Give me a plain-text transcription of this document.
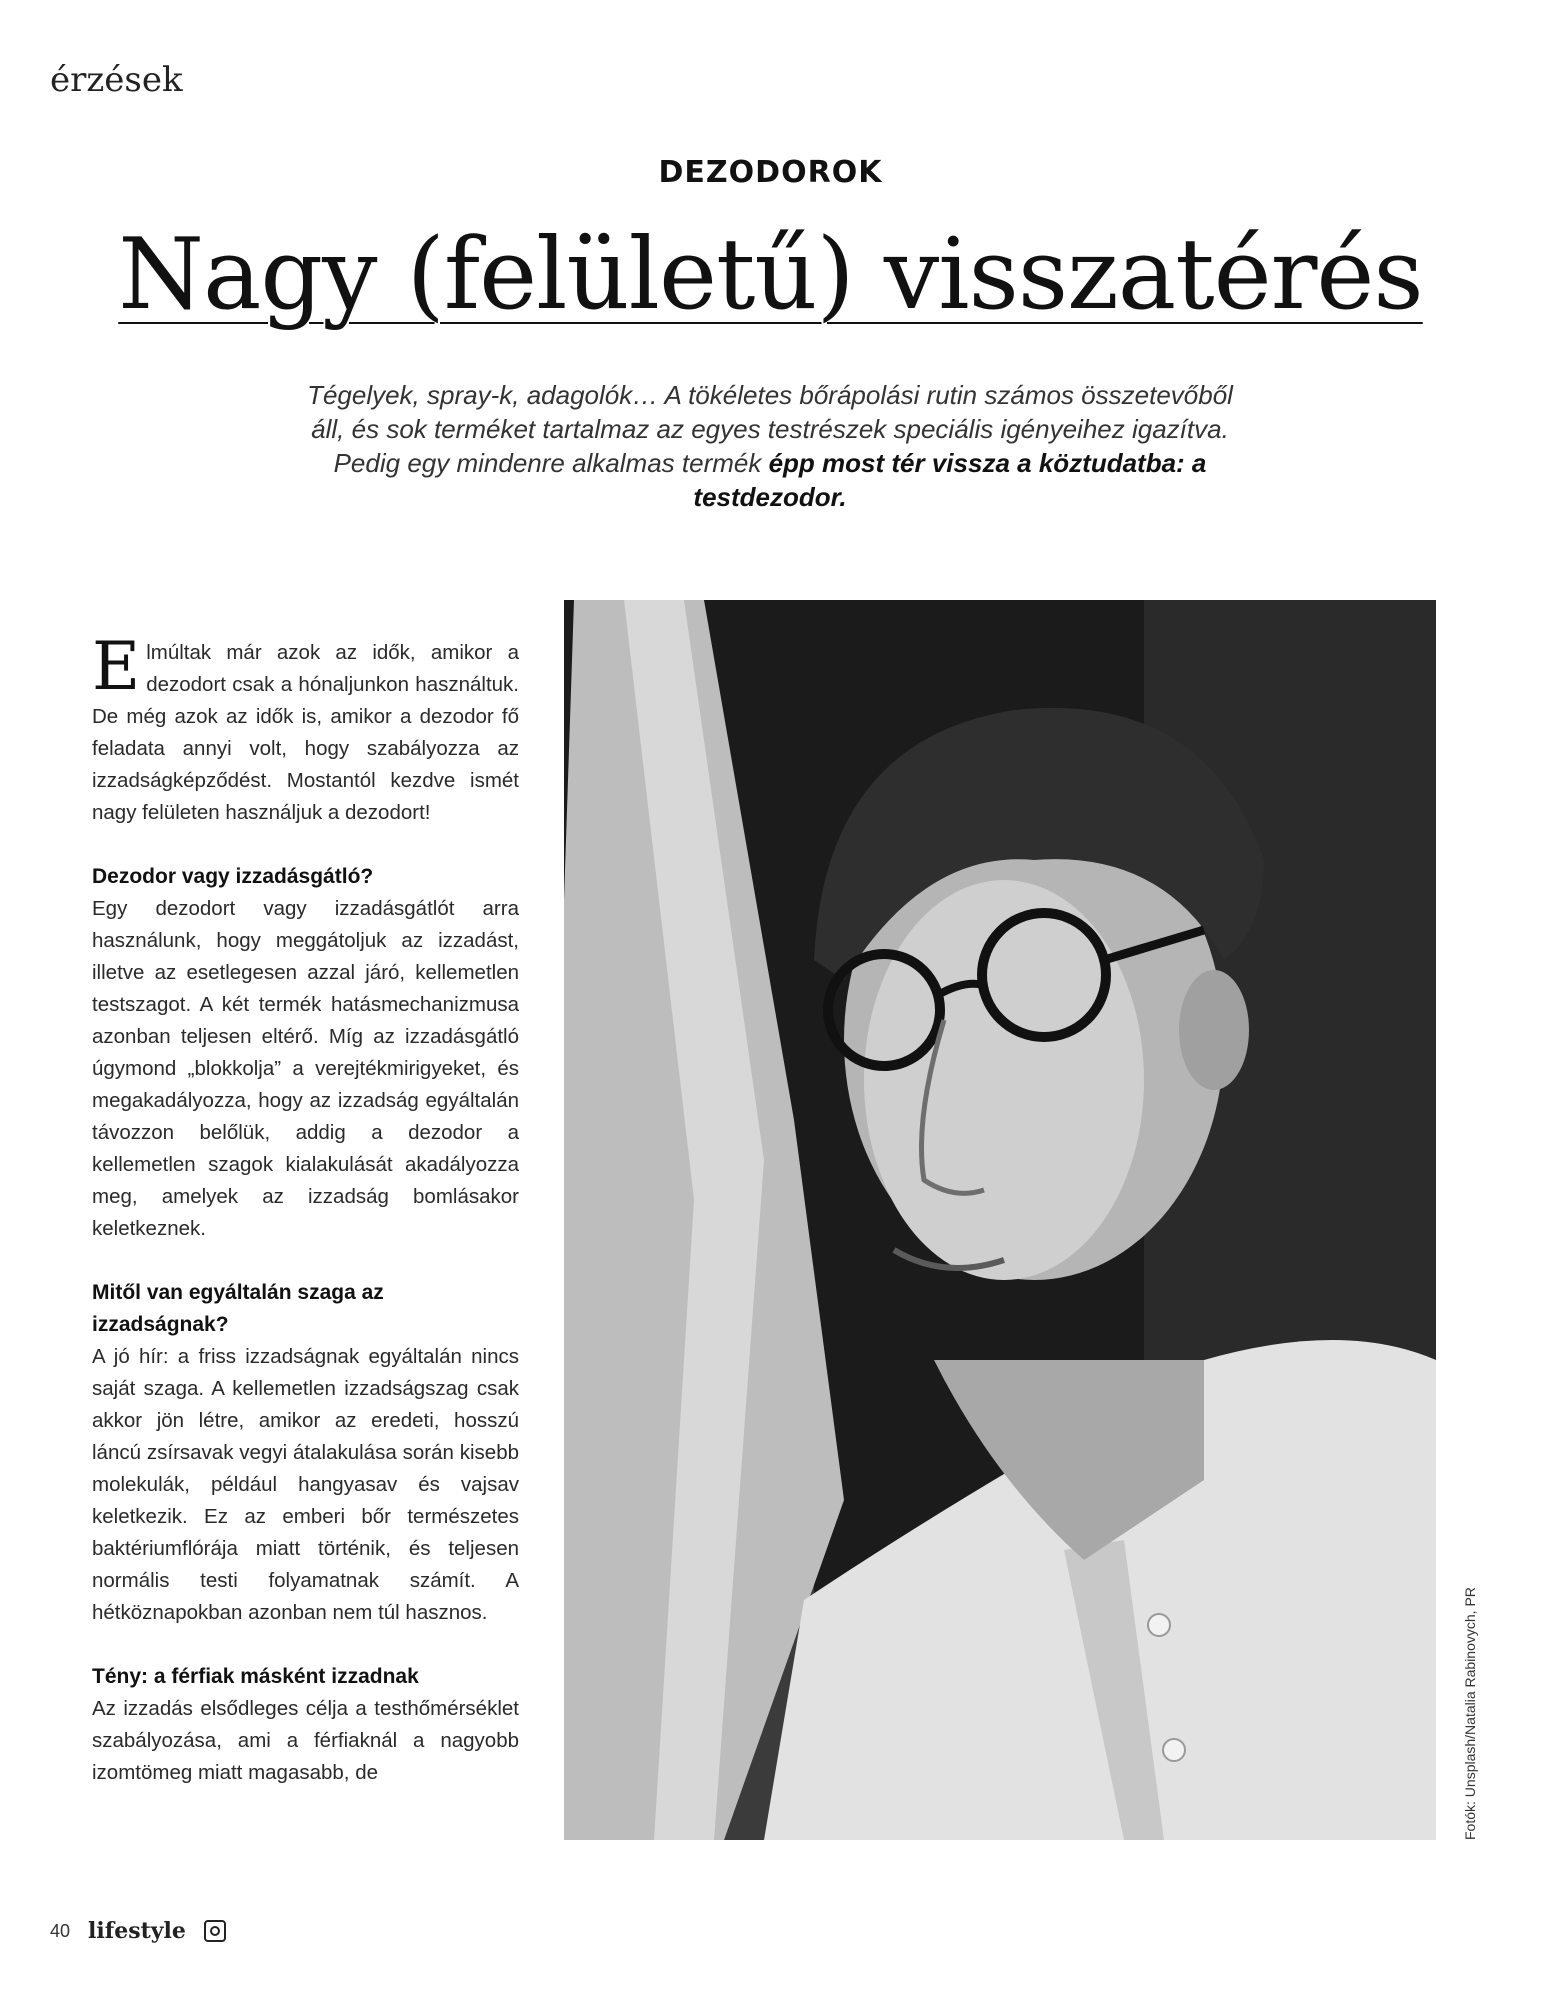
érzések
DEZODOROK
Nagy (felületű) visszatérés
Tégelyek, spray-k, adagolók… A tökéletes bőrápolási rutin számos összetevőből áll, és sok terméket tartalmaz az egyes testrészek speciális igényeihez igazítva. Pedig egy mindenre alkalmas termék épp most tér vissza a köztudatba: a testdezodor.

Elmúltak már azok az idők, amikor a dezodort csak a hónaljunkon használtuk. De még azok az idők is, amikor a dezodor fő feladata annyi volt, hogy szabályozza az izzadságképződést. Mostantól kezdve ismét nagy felületen használjuk a dezodort!

Dezodor vagy izzadásgátló?

Egy dezodort vagy izzadásgátlót arra használunk, hogy meggátoljuk az izzadást, illetve az esetlegesen azzal járó, kellemetlen testszagot. A két termék hatásmechanizmusa azonban teljesen eltérő. Míg az izzadásgátló úgymond „blokkolja” a verejtékmirigyeket, és megakadályozza, hogy az izzadság egyáltalán távozzon belőlük, addig a dezodor a kellemetlen szagok kialakulását akadályozza meg, amelyek az izzadság bomlásakor keletkeznek.

Mitől van egyáltalán szaga az izzadságnak?

A jó hír: a friss izzadságnak egyáltalán nincs saját szaga. A kellemetlen izzadságszag csak akkor jön létre, amikor az eredeti, hosszú láncú zsírsavak vegyi átalakulása során kisebb molekulák, például hangyasav és vajsav keletkezik. Ez az emberi bőr természetes baktériumflórája miatt történik, és teljesen normális testi folyamatnak számít. A hétköznapokban azonban nem túl hasznos.

Tény: a férfiak másként izzadnak

Az izzadás elsődleges célja a testhőmérséklet szabályozása, ami a férfiaknál a nagyobb izomtömeg miatt magasabb, de	Fotók: Unsplash/Natalia Rabinovych, PR
40 lifestyle
